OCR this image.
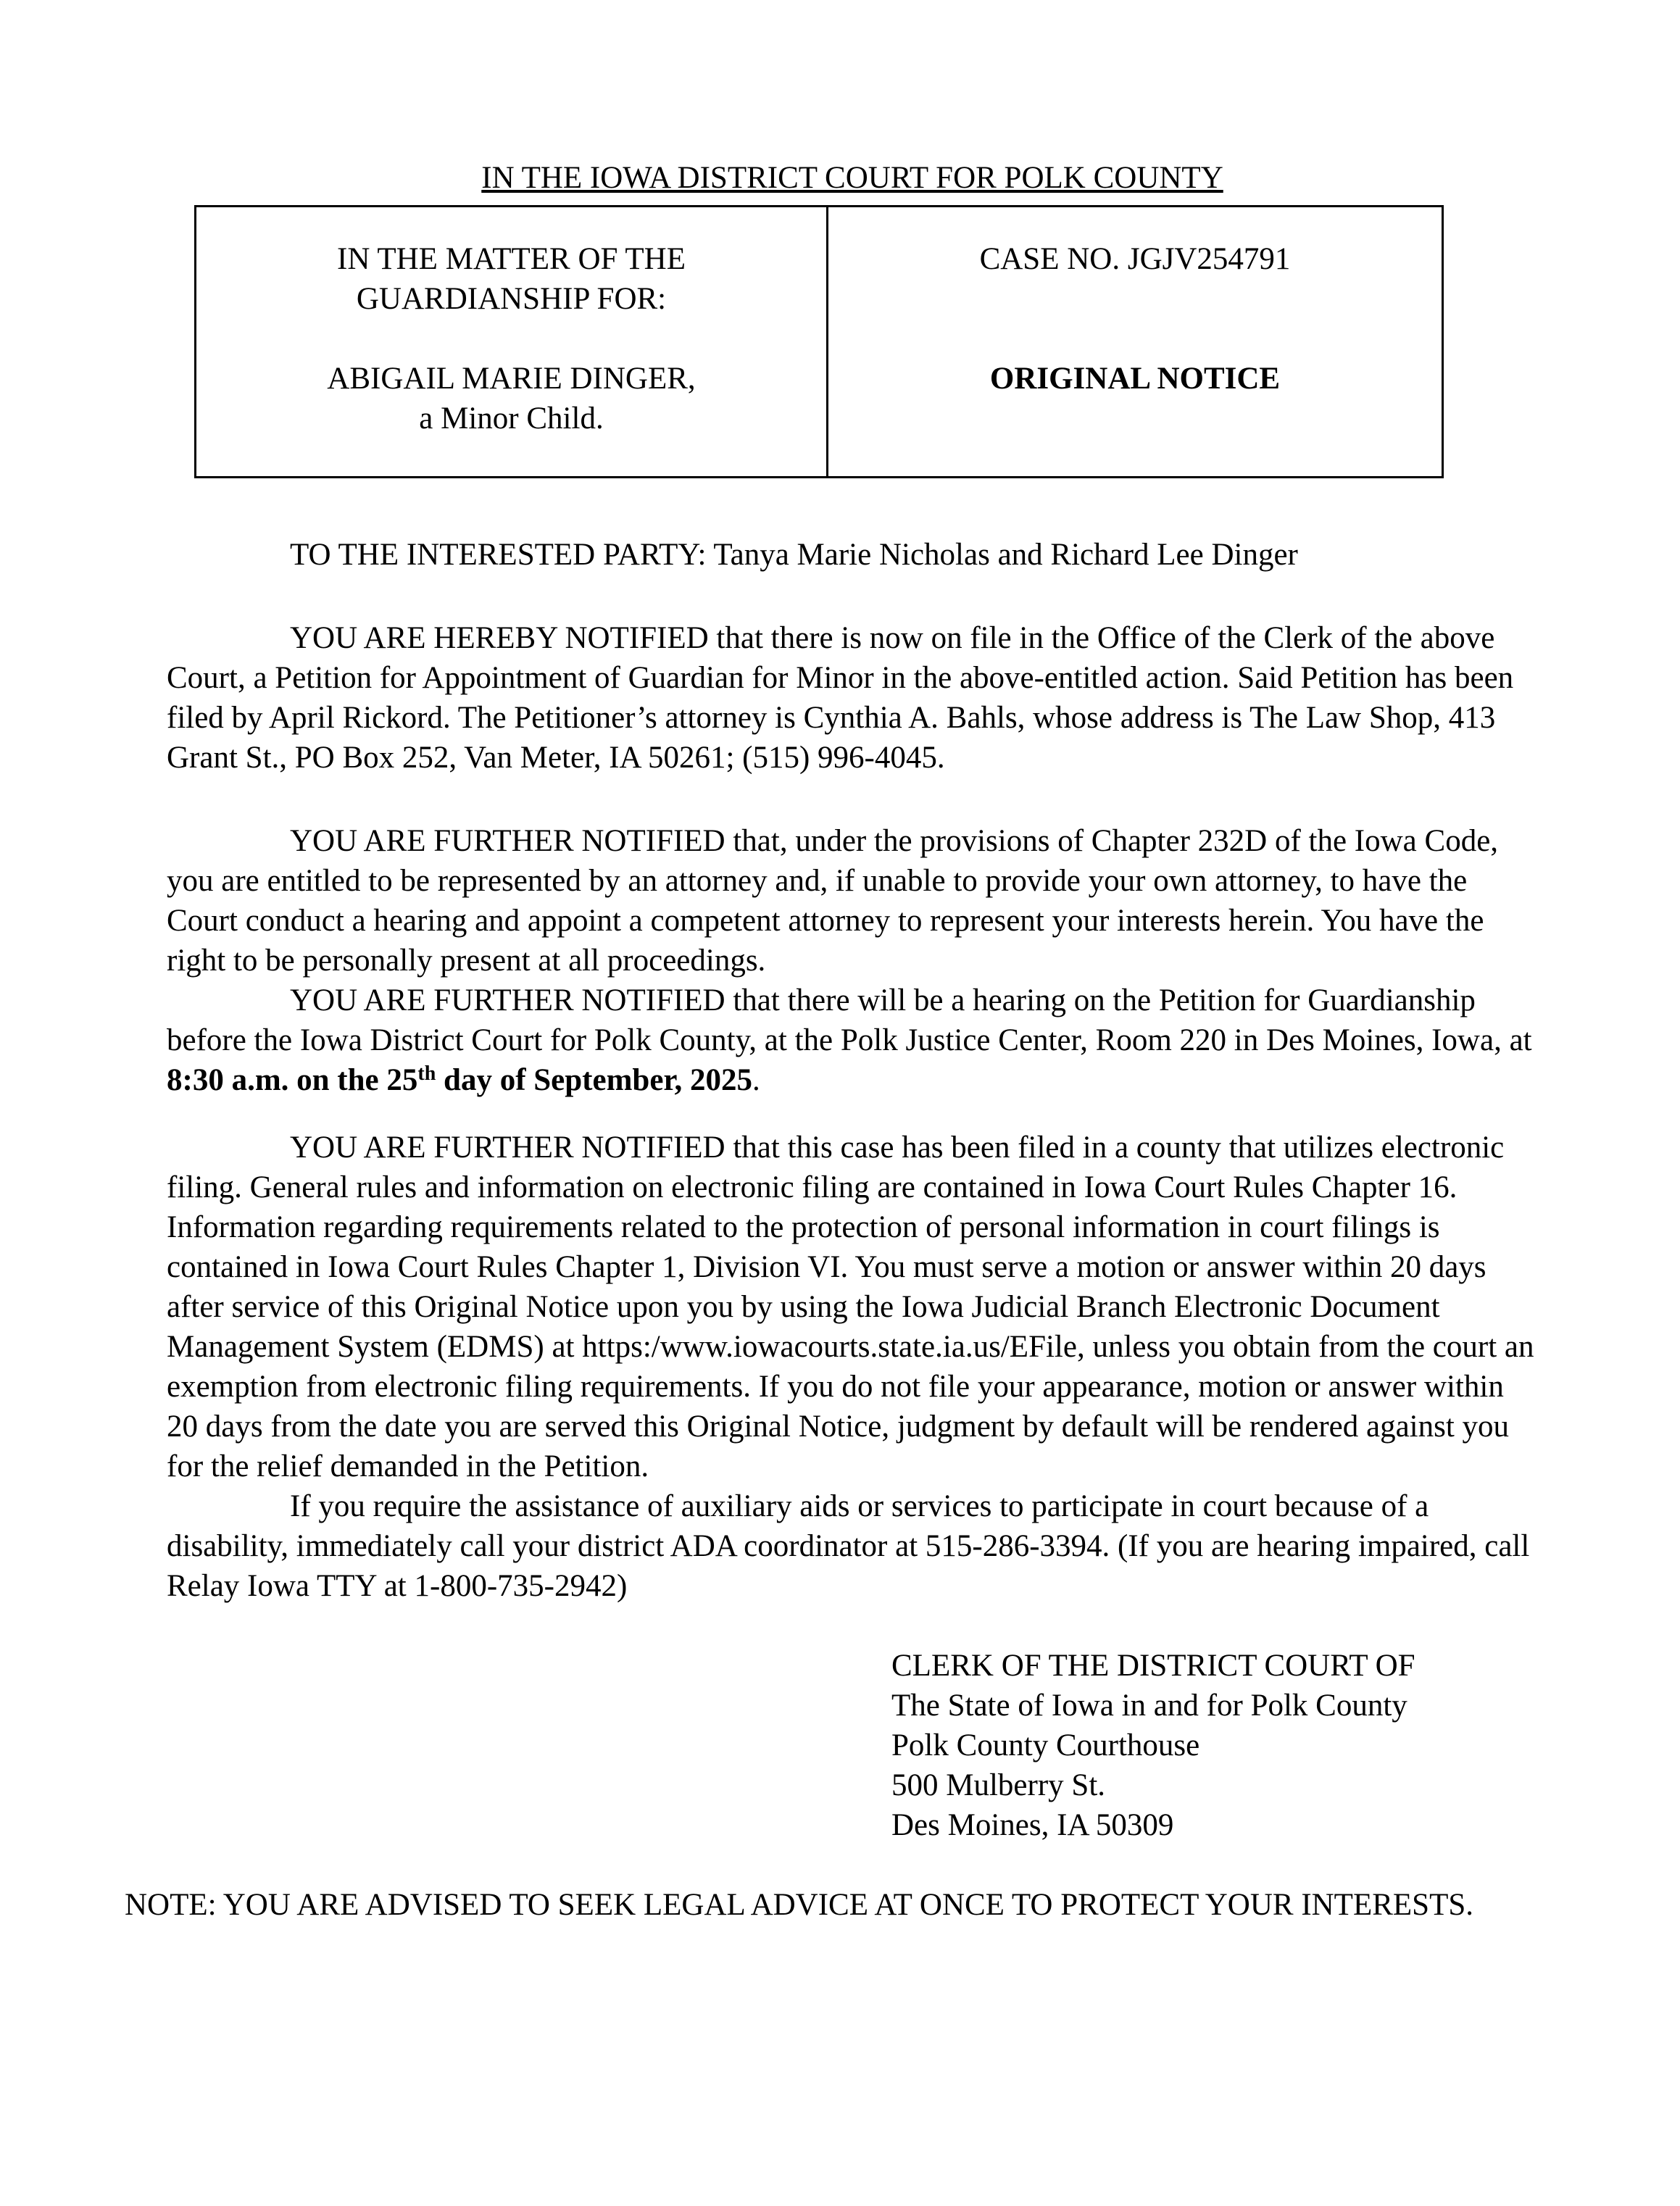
IN THE IOWA DISTRICT COURT FOR POLK COUNTY
IN THE MATTER OF THE
GUARDIANSHIP FOR:
ABIGAIL MARIE DINGER,
a Minor Child.
CASE NO. JGJV254791
ORIGINAL NOTICE

TO THE INTERESTED PARTY: Tanya Marie Nicholas and Richard Lee Dinger

YOU ARE HEREBY NOTIFIED that there is now on file in the Office of the Clerk of the above Court, a Petition for Appointment of Guardian for Minor in the above-entitled action. Said Petition has been filed by April Rickord. The Petitioner’s attorney is Cynthia A. Bahls, whose address is The Law Shop, 413 Grant St., PO Box 252, Van Meter, IA 50261; (515) 996-4045.

YOU ARE FURTHER NOTIFIED that, under the provisions of Chapter 232D of the Iowa Code, you are entitled to be represented by an attorney and, if unable to provide your own attorney, to have the Court conduct a hearing and appoint a competent attorney to represent your interests herein. You have the right to be personally present at all proceedings.

YOU ARE FURTHER NOTIFIED that there will be a hearing on the Petition for Guardianship before the Iowa District Court for Polk County, at the Polk Justice Center, Room 220 in Des Moines, Iowa, at 8:30 a.m. on the 25th day of September, 2025.

YOU ARE FURTHER NOTIFIED that this case has been filed in a county that utilizes electronic filing. General rules and information on electronic filing are contained in Iowa Court Rules Chapter 16. Information regarding requirements related to the protection of personal information in court filings is contained in Iowa Court Rules Chapter 1, Division VI. You must serve a motion or answer within 20 days after service of this Original Notice upon you by using the Iowa Judicial Branch Electronic Document Management System (EDMS) at https:/www.iowacourts.state.ia.us/EFile, unless you obtain from the court an exemption from electronic filing requirements. If you do not file your appearance, motion or answer within 20 days from the date you are served this Original Notice, judgment by default will be rendered against you for the relief demanded in the Petition.

If you require the assistance of auxiliary aids or services to participate in court because of a disability, immediately call your district ADA coordinator at 515-286-3394. (If you are hearing impaired, call Relay Iowa TTY at 1-800-735-2942)

CLERK OF THE DISTRICT COURT OF
The State of Iowa in and for Polk County
Polk County Courthouse
500 Mulberry St.
Des Moines, IA 50309

NOTE: YOU ARE ADVISED TO SEEK LEGAL ADVICE AT ONCE TO PROTECT YOUR INTERESTS.
